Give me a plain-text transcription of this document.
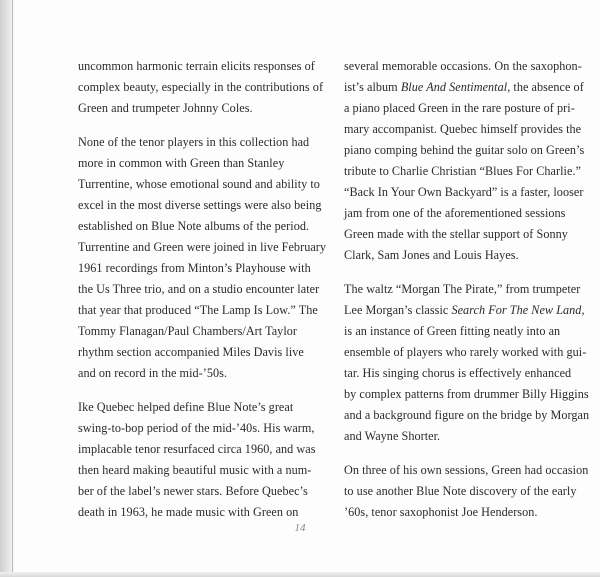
uncommon harmonic terrain elicits responses of
complex beauty, especially in the contributions of
Green and trumpeter Johnny Coles.

None of the tenor players in this collection had
more in common with Green than Stanley
Turrentine, whose emotional sound and ability to
excel in the most diverse settings were also being
established on Blue Note albums of the period.
Turrentine and Green were joined in live February
1961 recordings from Minton’s Playhouse with
the Us Three trio, and on a studio encounter later
that year that produced “The Lamp Is Low.” The
Tommy Flanagan/Paul Chambers/Art Taylor
rhythm section accompanied Miles Davis live
and on record in the mid-’50s.

Ike Quebec helped define Blue Note’s great
swing-to-bop period of the mid-’40s. His warm,
implacable tenor resurfaced circa 1960, and was
then heard making beautiful music with a num-
ber of the label’s newer stars. Before Quebec’s
death in 1963, he made music with Green on

several memorable occasions. On the saxophon-
ist’s album Blue And Sentimental, the absence of
a piano placed Green in the rare posture of pri-
mary accompanist. Quebec himself provides the
piano comping behind the guitar solo on Green’s
tribute to Charlie Christian “Blues For Charlie.”
“Back In Your Own Backyard” is a faster, looser
jam from one of the aforementioned sessions
Green made with the stellar support of Sonny
Clark, Sam Jones and Louis Hayes.

The waltz “Morgan The Pirate,” from trumpeter
Lee Morgan’s classic Search For The New Land,
is an instance of Green fitting neatly into an
ensemble of players who rarely worked with gui-
tar. His singing chorus is effectively enhanced
by complex patterns from drummer Billy Higgins
and a background figure on the bridge by Morgan
and Wayne Shorter.

On three of his own sessions, Green had occasion
to use another Blue Note discovery of the early
’60s, tenor saxophonist Joe Henderson.

14
